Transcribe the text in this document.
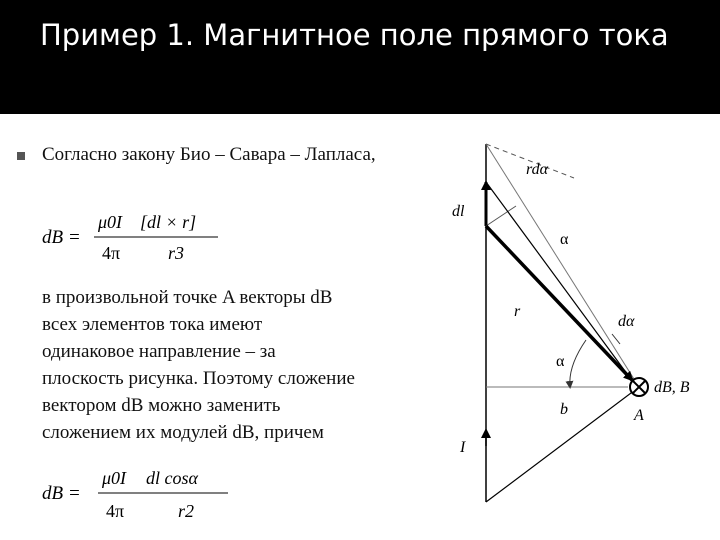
Пример 1. Магнитное поле прямого тока

Согласно закону Био – Савара – Лапласа,

dB =
μ0I [dl × r]
4π	r3

в произвольной точке A векторы dB
всех элементов тока имеют
одинаковое направление – за
плоскость рисунка. Поэтому сложение
вектором dB можно заменить
сложением их модулей dB, причем

dB =
μ0I dl cosα
4π	r2
rdα
dl
α
r
dα
α
dB, B
b	A
I
